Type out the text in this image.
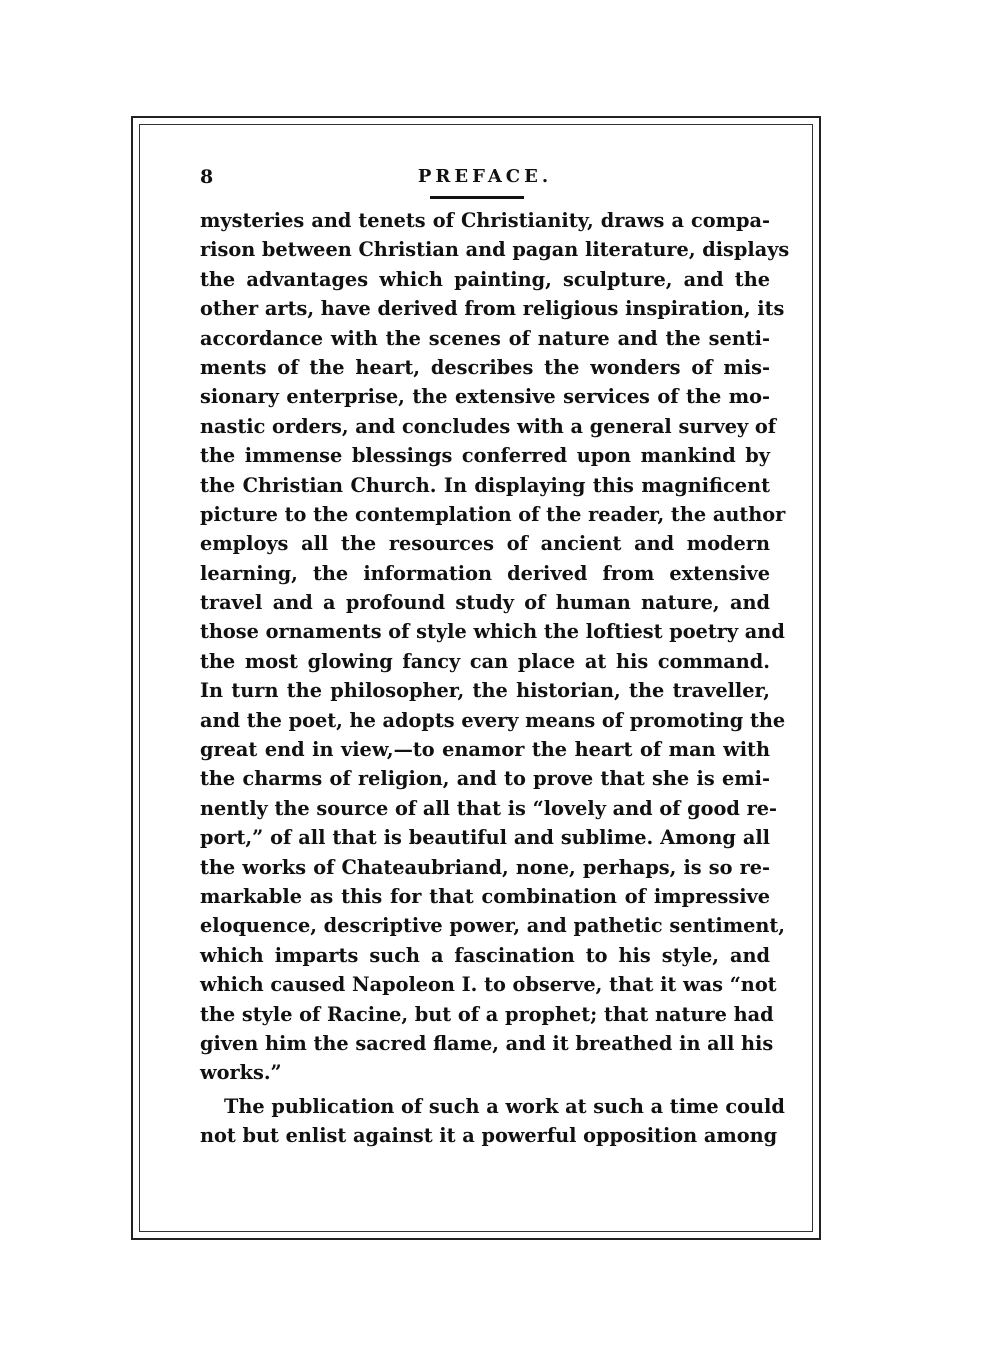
8	PREFACE.
mysteries and tenets of Christianity, draws a compa-
rison between Christian and pagan literature, displays
the advantages which painting, sculpture, and the
other arts, have derived from religious inspiration, its
accordance with the scenes of nature and the senti-
ments of the heart, describes the wonders of mis-
sionary enterprise, the extensive services of the mo-
nastic orders, and concludes with a general survey of
the immense blessings conferred upon mankind by
the Christian Church. In displaying this magnificent
picture to the contemplation of the reader, the author
employs all the resources of ancient and modern
learning, the information derived from extensive
travel and a profound study of human nature, and
those ornaments of style which the loftiest poetry and
the most glowing fancy can place at his command.
In turn the philosopher, the historian, the traveller,
and the poet, he adopts every means of promoting the
great end in view,—to enamor the heart of man with
the charms of religion, and to prove that she is emi-
nently the source of all that is “lovely and of good re-
port,” of all that is beautiful and sublime. Among all
the works of Chateaubriand, none, perhaps, is so re-
markable as this for that combination of impressive
eloquence, descriptive power, and pathetic sentiment,
which imparts such a fascination to his style, and
which caused Napoleon I. to observe, that it was “not
the style of Racine, but of a prophet; that nature had
given him the sacred flame, and it breathed in all his
works.”
The publication of such a work at such a time could
not but enlist against it a powerful opposition among
